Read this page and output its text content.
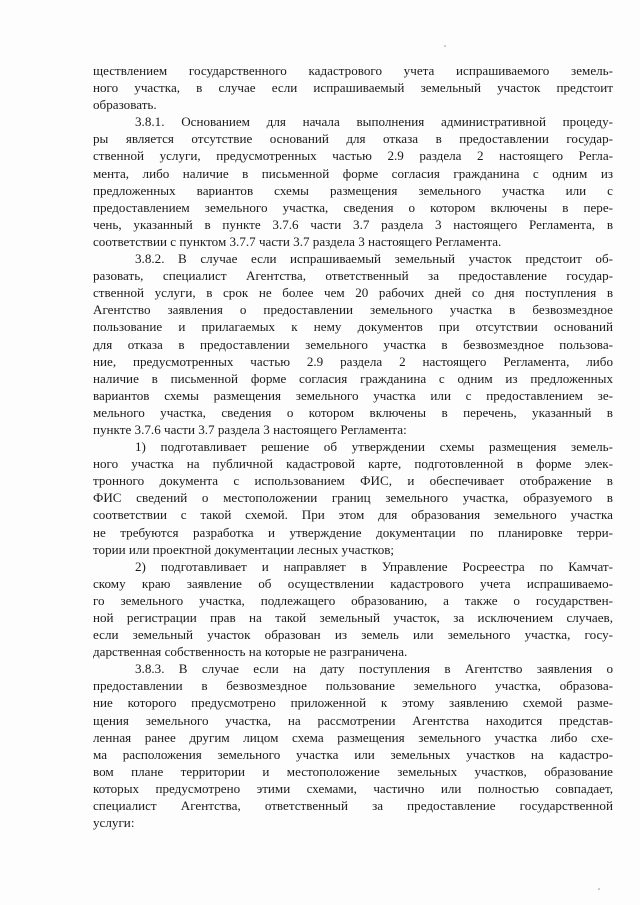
ществлением государственного кадастрового учета испрашиваемого земель-
ного участка, в случае если испрашиваемый земельный участок предстоит
образовать.
3.8.1. Основанием для начала выполнения административной процеду-
ры является отсутствие оснований для отказа в предоставлении государ-
ственной услуги, предусмотренных частью 2.9 раздела 2 настоящего Регла-
мента, либо наличие в письменной форме согласия гражданина с одним из
предложенных вариантов схемы размещения земельного участка или с
предоставлением земельного участка, сведения о котором включены в пере-
чень, указанный в пункте 3.7.6 части 3.7 раздела 3 настоящего Регламента, в
соответствии с пунктом 3.7.7 части 3.7 раздела 3 настоящего Регламента.
3.8.2. В случае если испрашиваемый земельный участок предстоит об-
разовать, специалист Агентства, ответственный за предоставление государ-
ственной услуги, в срок не более чем 20 рабочих дней со дня поступления в
Агентство заявления о предоставлении земельного участка в безвозмездное
пользование и прилагаемых к нему документов при отсутствии оснований
для отказа в предоставлении земельного участка в безвозмездное пользова-
ние, предусмотренных частью 2.9 раздела 2 настоящего Регламента, либо
наличие в письменной форме согласия гражданина с одним из предложенных
вариантов схемы размещения земельного участка или с предоставлением зе-
мельного участка, сведения о котором включены в перечень, указанный в
пункте 3.7.6 части 3.7 раздела 3 настоящего Регламента:
1) подготавливает решение об утверждении схемы размещения земель-
ного участка на публичной кадастровой карте, подготовленной в форме элек-
тронного документа с использованием ФИС, и обеспечивает отображение в
ФИС сведений о местоположении границ земельного участка, образуемого в
соответствии с такой схемой. При этом для образования земельного участка
не требуются разработка и утверждение документации по планировке терри-
тории или проектной документации лесных участков;
2) подготавливает и направляет в Управление Росреестра по Камчат-
скому краю заявление об осуществлении кадастрового учета испрашиваемо-
го земельного участка, подлежащего образованию, а также о государствен-
ной регистрации прав на такой земельный участок, за исключением случаев,
если земельный участок образован из земель или земельного участка, госу-
дарственная собственность на которые не разграничена.
3.8.3. В случае если на дату поступления в Агентство заявления о
предоставлении в безвозмездное пользование земельного участка, образова-
ние которого предусмотрено приложенной к этому заявлению схемой разме-
щения земельного участка, на рассмотрении Агентства находится представ-
ленная ранее другим лицом схема размещения земельного участка либо схе-
ма расположения земельного участка или земельных участков на кадастро-
вом плане территории и местоположение земельных участков, образование
которых предусмотрено этими схемами, частично или полностью совпадает,
специалист Агентства, ответственный за предоставление государственной
услуги:
